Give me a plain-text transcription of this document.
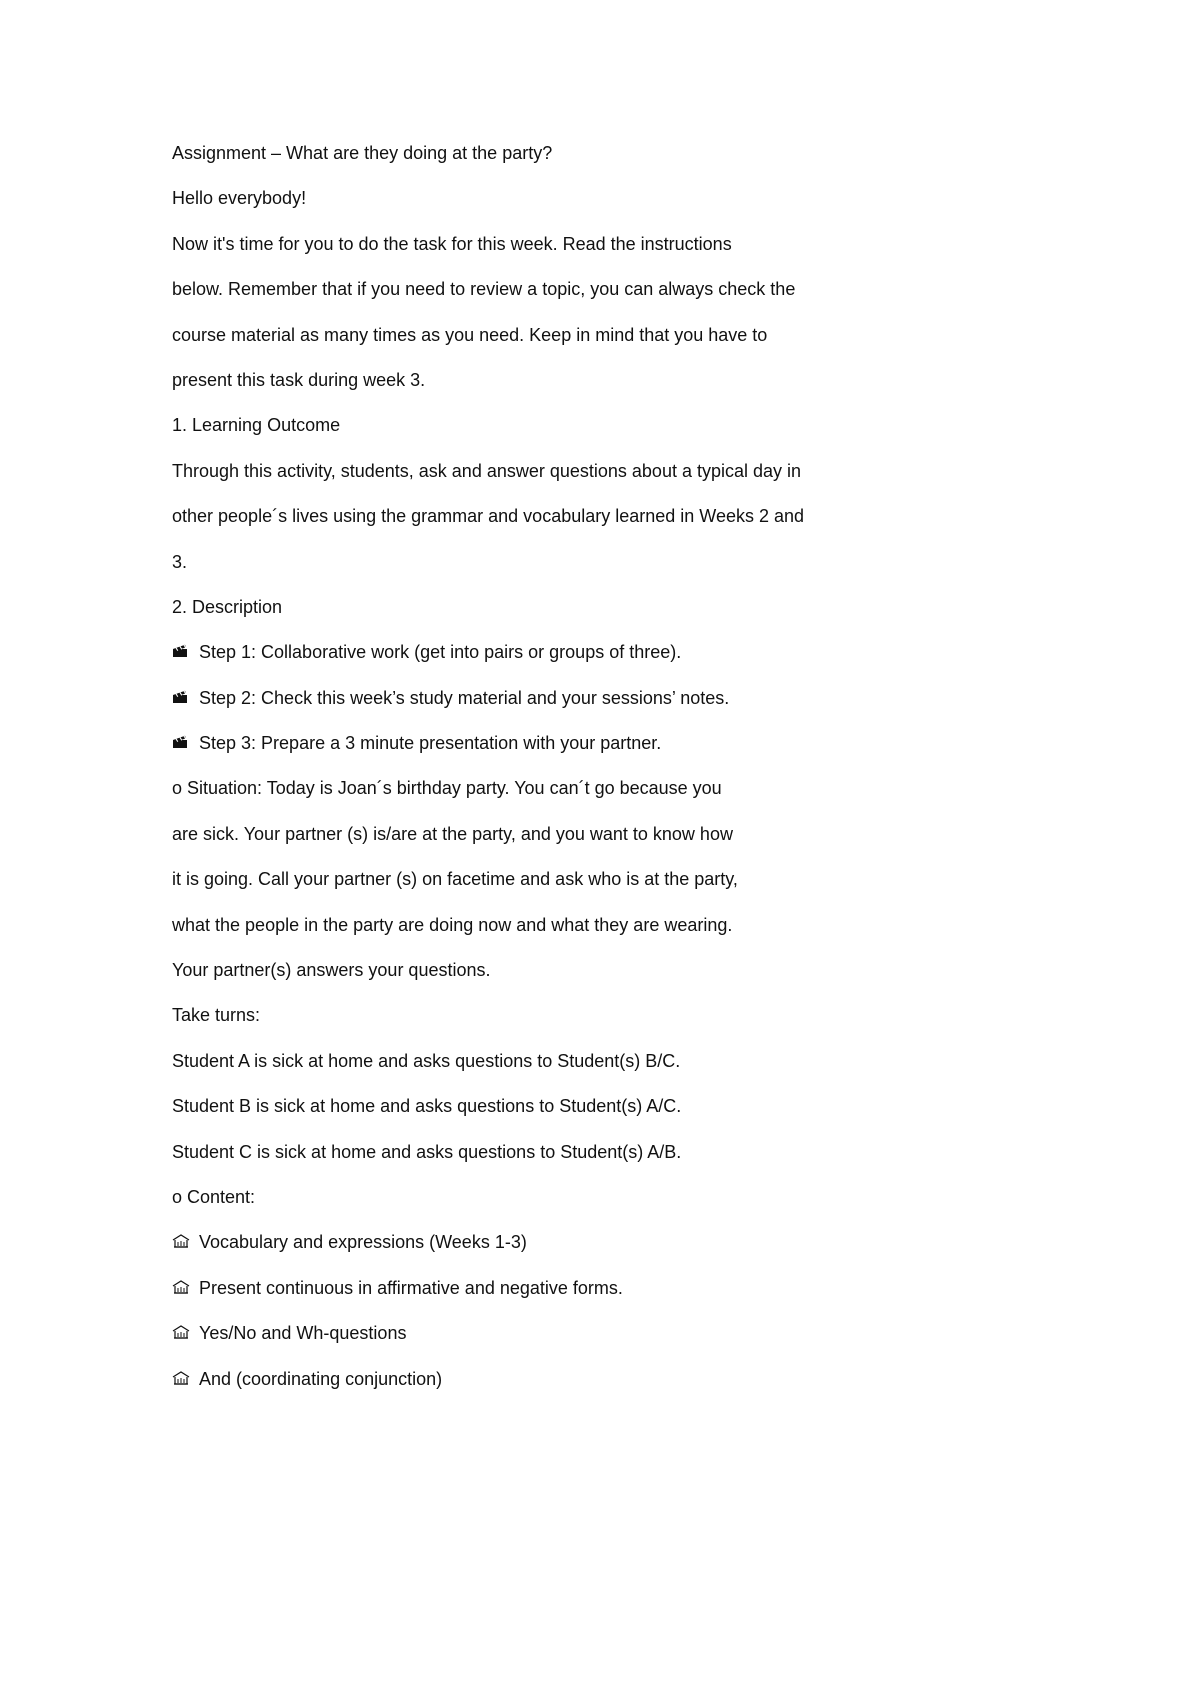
Assignment – What are they doing at the party?
Hello everybody!
Now it's time for you to do the task for this week. Read the instructions
below. Remember that if you need to review a topic, you can always check the
course material as many times as you need. Keep in mind that you have to
present this task during week 3.
1. Learning Outcome
Through this activity, students, ask and answer questions about a typical day in
other people´s lives using the grammar and vocabulary learned in Weeks 2 and
3.
2. Description
Step 1: Collaborative work (get into pairs or groups of three).
Step 2: Check this week’s study material and your sessions’ notes.
Step 3: Prepare a 3 minute presentation with your partner.
o Situation: Today is Joan´s birthday party. You can´t go because you
are sick. Your partner (s) is/are at the party, and you want to know how
it is going. Call your partner (s) on facetime and ask who is at the party,
what the people in the party are doing now and what they are wearing.
Your partner(s) answers your questions.
Take turns:
Student A is sick at home and asks questions to Student(s) B/C.
Student B is sick at home and asks questions to Student(s) A/C.
Student C is sick at home and asks questions to Student(s) A/B.
o Content:
Vocabulary and expressions (Weeks 1-3)
Present continuous in affirmative and negative forms.
Yes/No and Wh-questions
And (coordinating conjunction)
